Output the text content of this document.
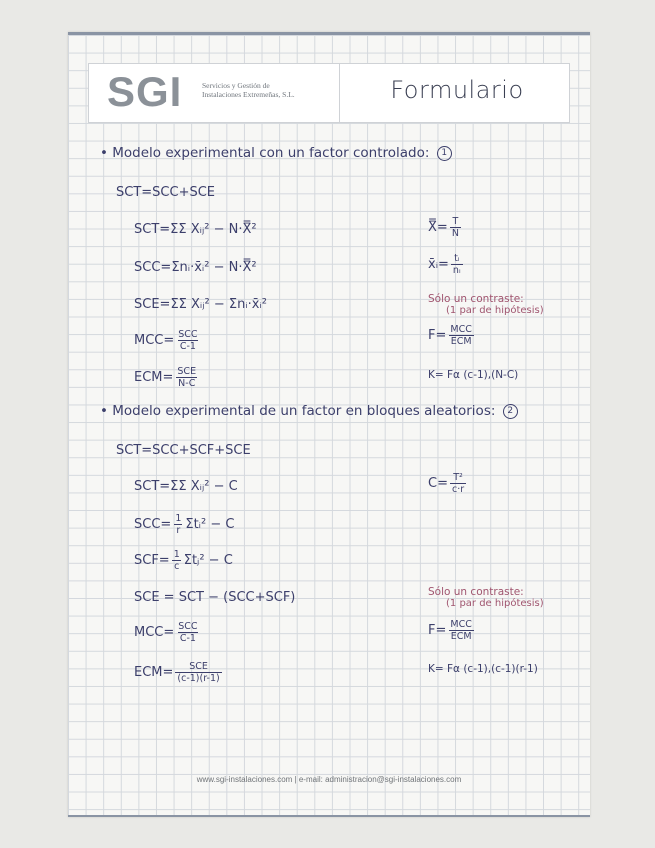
SGI	Servicios y Gestión de
Instalaciones Extremeñas, S.L.	Formulario
• Modelo experimental con un factor controlado: 1
SCT=SCC+SCE
SCT=ΣΣ Xᵢⱼ² − N·X̿²	X̿= $\frac{T}{N}$
SCC=Σnᵢ·x̄ᵢ² − N·X̿²	x̄ᵢ= $\frac{\text{tᵢ}}{\text{nᵢ}}$
SCE=ΣΣ Xᵢⱼ² − Σnᵢ·x̄ᵢ²	Sólo un contraste:
(1 par de hipótesis)
$MCC= \frac{\text{SCC}}{C-1}$	$F= \frac{\text{MCC}}{\text{ECM}}$
$ECM= \frac{\text{SCE}}{N-C}$	K= Fα (c-1),(N-C)
• Modelo experimental de un factor en bloques aleatorios: 2
SCT=SCC+SCF+SCE
SCT=ΣΣ Xᵢⱼ² − C	$C= \frac{\text{T²}}{c\cdot r}$
$SCC= \frac{1}{r}$ Σtᵢ² − C
$SCF= \frac{1}{c}$ Σtⱼ² − C
SCE = SCT − (SCC+SCF)	Sólo un contraste:
(1 par de hipótesis)
$MCC= \frac{\text{SCC}}{C-1}$	$F= \frac{\text{MCC}}{\text{ECM}}$
$ECM= \frac{\text{SCE}}{(c-1)(r-1)}$	K= Fα (c-1),(c-1)(r-1)
www.sgi-instalaciones.com | e-mail: administracion@sgi-instalaciones.com
